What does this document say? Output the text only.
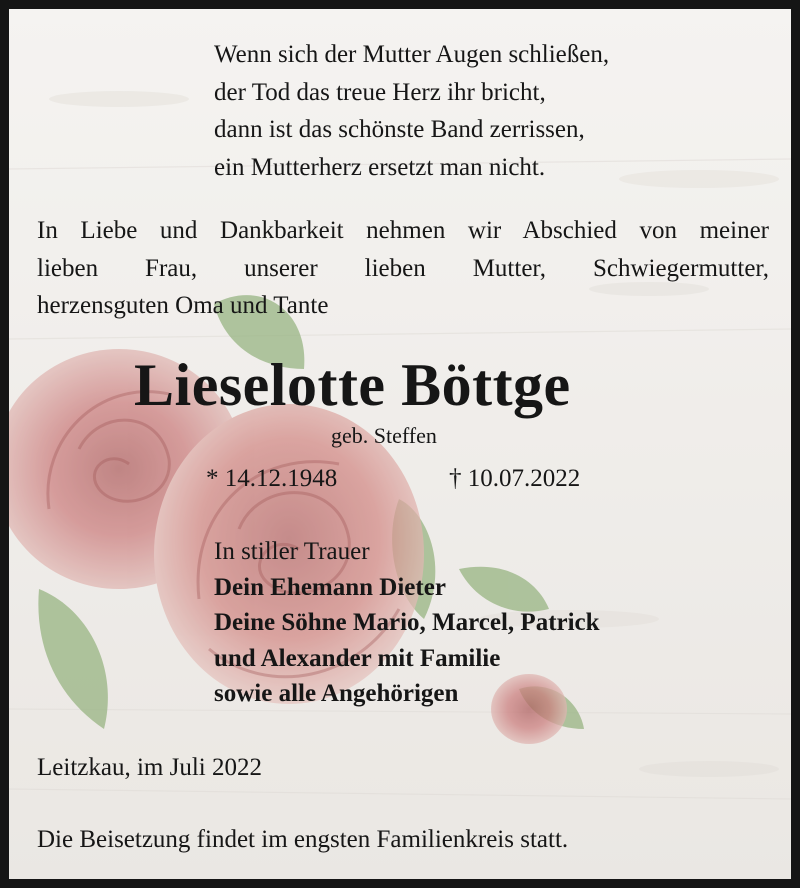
Wenn sich der Mutter Augen schließen,
der Tod das treue Herz ihr bricht,
dann ist das schönste Band zerrissen,
ein Mutterherz ersetzt man nicht.

In Liebe und Dankbarkeit nehmen wir Abschied von meiner
lieben Frau, unserer lieben Mutter, Schwiegermutter,
herzensguten Oma und Tante

Lieselotte Böttge

geb. Steffen

* 14.12.1948	† 10.07.2022

In stiller Trauer
Dein Ehemann Dieter
Deine Söhne Mario, Marcel, Patrick
und Alexander mit Familie
sowie alle Angehörigen

Leitzkau, im Juli 2022

Die Beisetzung findet im engsten Familienkreis statt.
